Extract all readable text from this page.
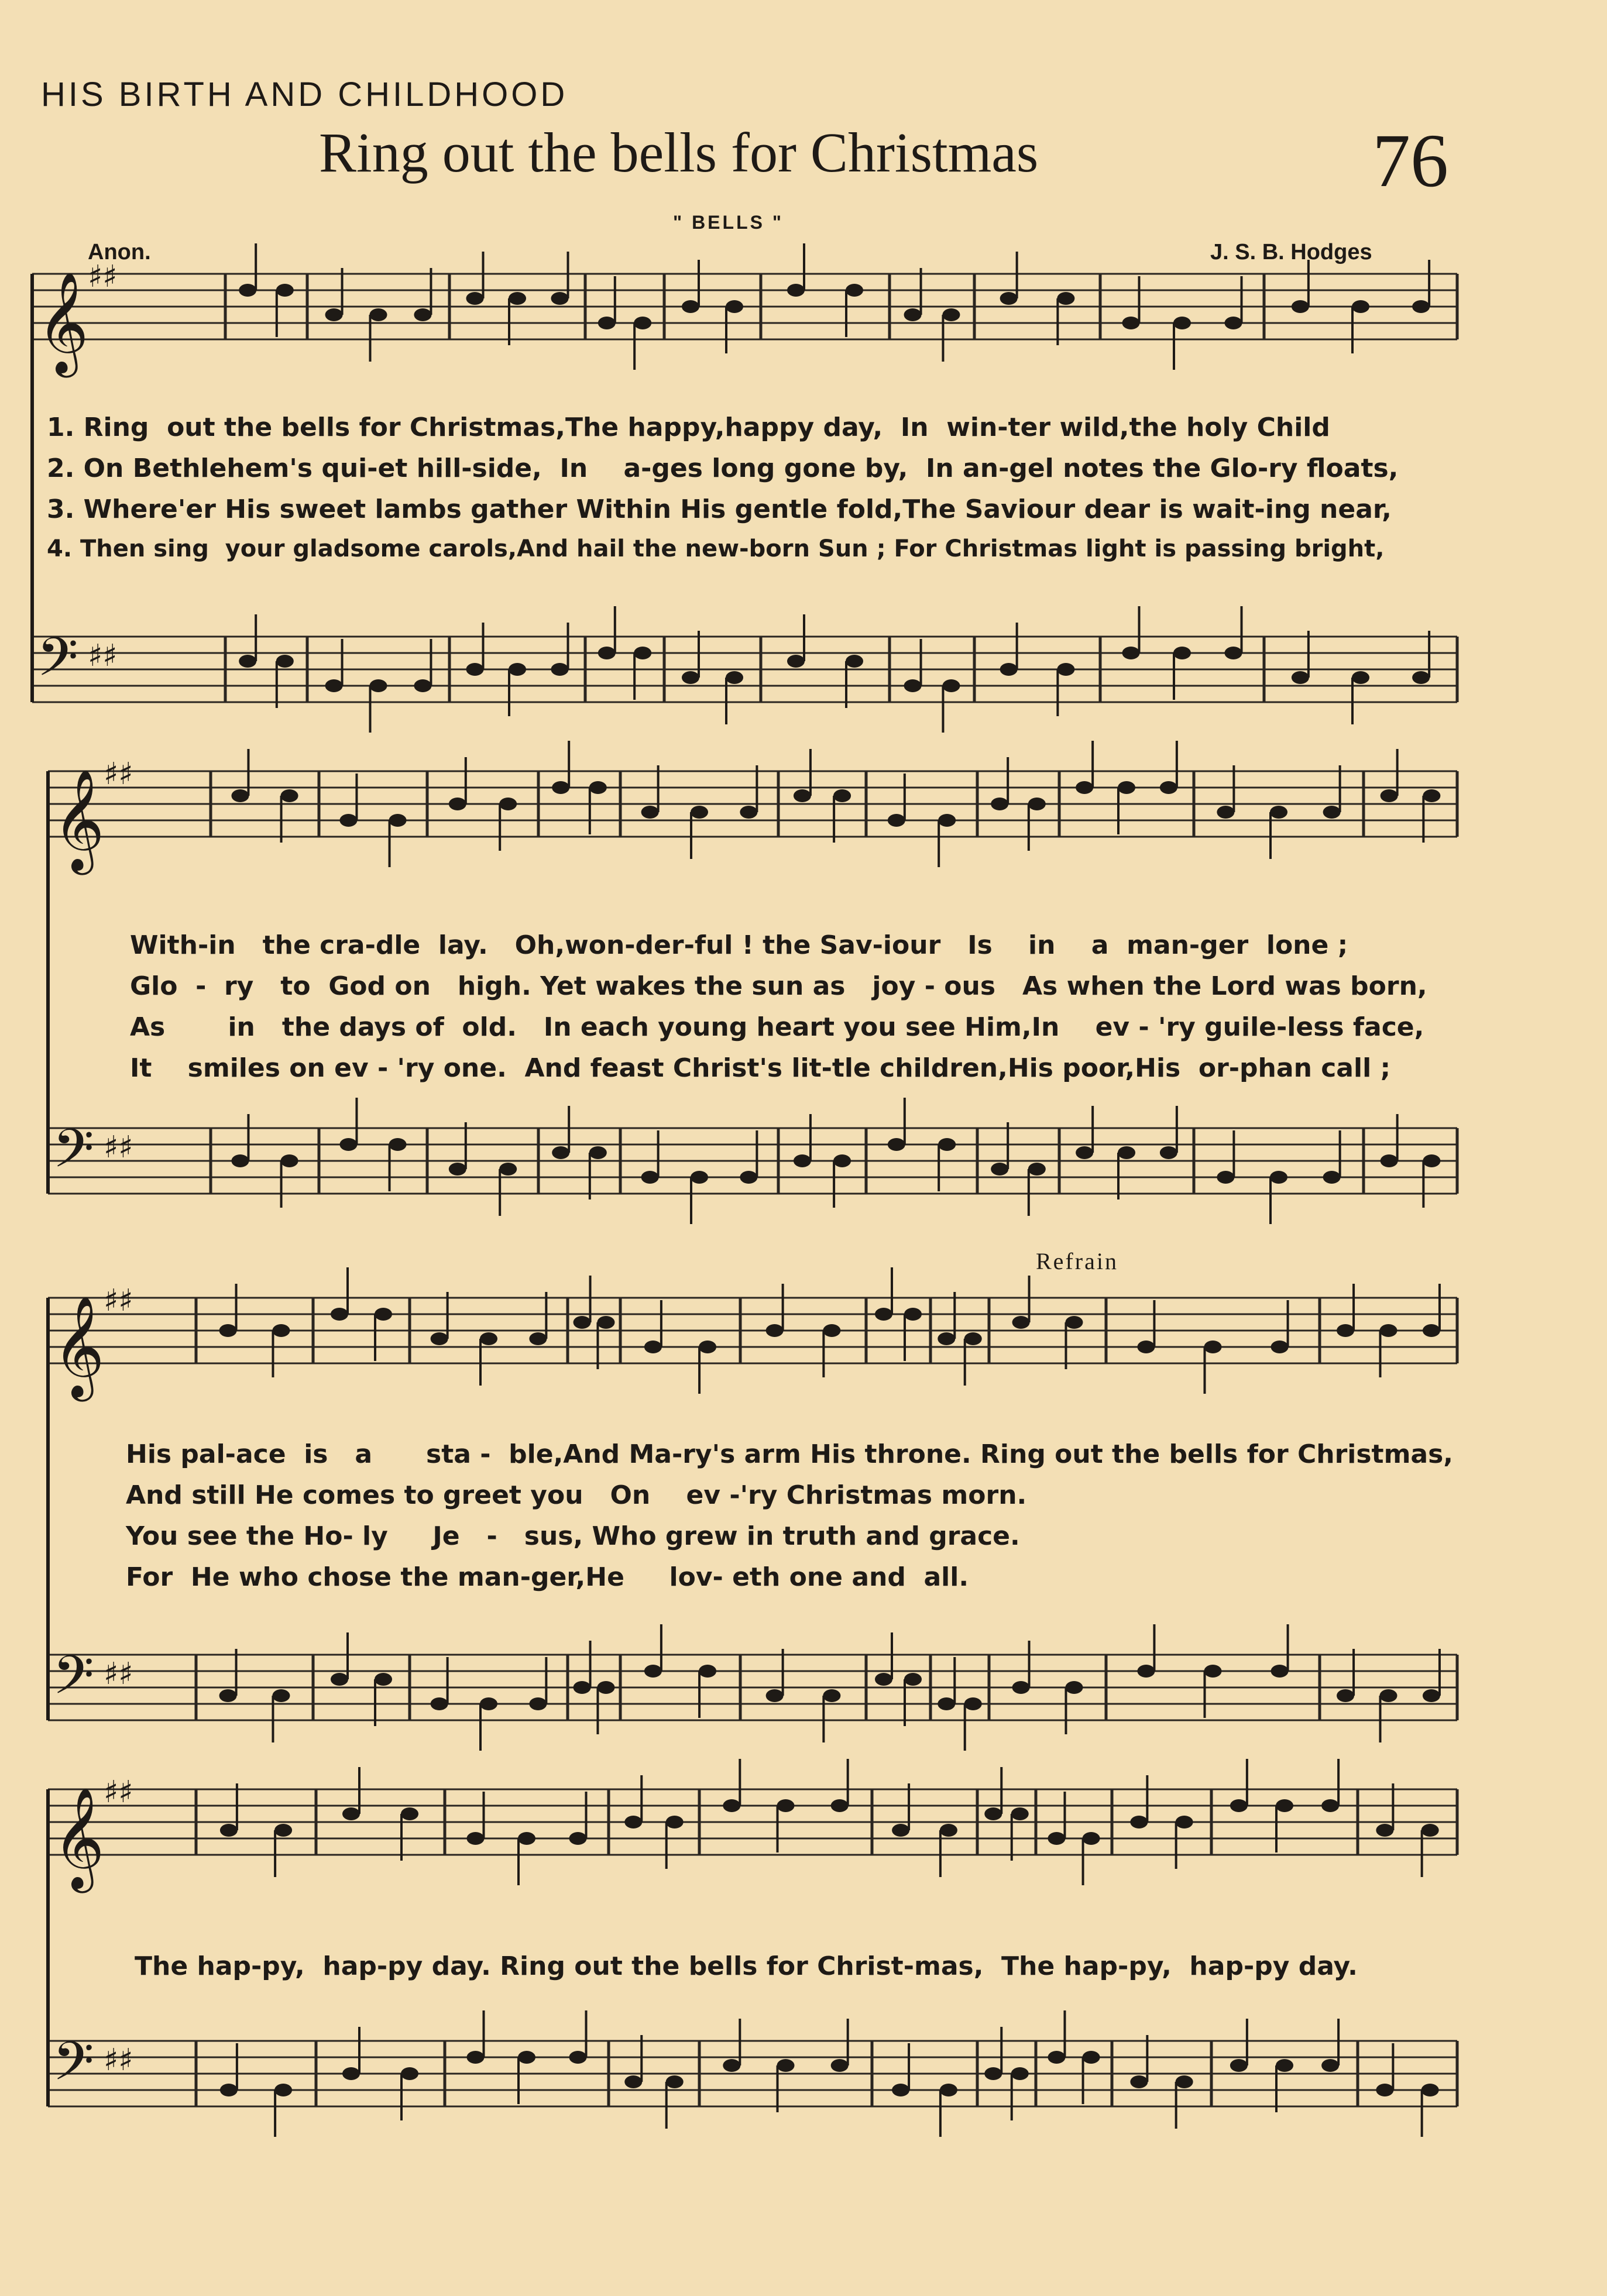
HIS BIRTH AND CHILDHOOD
Ring out the bells for Christmas	76
" BELLS "
Anon.	J. S. B. Hodges
Refrain
𝄞
♯♯
𝄢 ♯♯
𝄞
♯♯
𝄢 ♯♯
𝄞
♯♯
𝄢 ♯♯
𝄞
♯♯
𝄢 ♯♯
1. Ring  out the bells for Christmas,The happy,happy day,  In  win-ter wild,the holy Child
2. On Bethlehem's qui-et hill-side,  In    a-ges long gone by,  In an-gel notes the Glo-ry floats,
3. Where'er His sweet lambs gather Within His gentle fold,The Saviour dear is wait-ing near,
4. Then sing  your gladsome carols,And hail the new-born Sun ; For Christmas light is passing bright,
With-in   the cra-dle  lay.   Oh,won-der-ful ! the Sav-iour   Is    in    a  man-ger  lone ;
Glo  -  ry   to  God on   high. Yet wakes the sun as   joy - ous   As when the Lord was born,
As       in   the days of  old.   In each young heart you see Him,In    ev - 'ry guile-less face,
It    smiles on ev - 'ry one.  And feast Christ's lit-tle children,His poor,His  or-phan call ;
His pal-ace  is   a      sta -  ble,And Ma-ry's arm His throne. Ring out the bells for Christmas,
And still He comes to greet you   On    ev -'ry Christmas morn.
You see the Ho- ly     Je   -   sus, Who grew in truth and grace.
For  He who chose the man-ger,He     lov- eth one and  all.
The hap-py,  hap-py day. Ring out the bells for Christ-mas,  The hap-py,  hap-py day.
